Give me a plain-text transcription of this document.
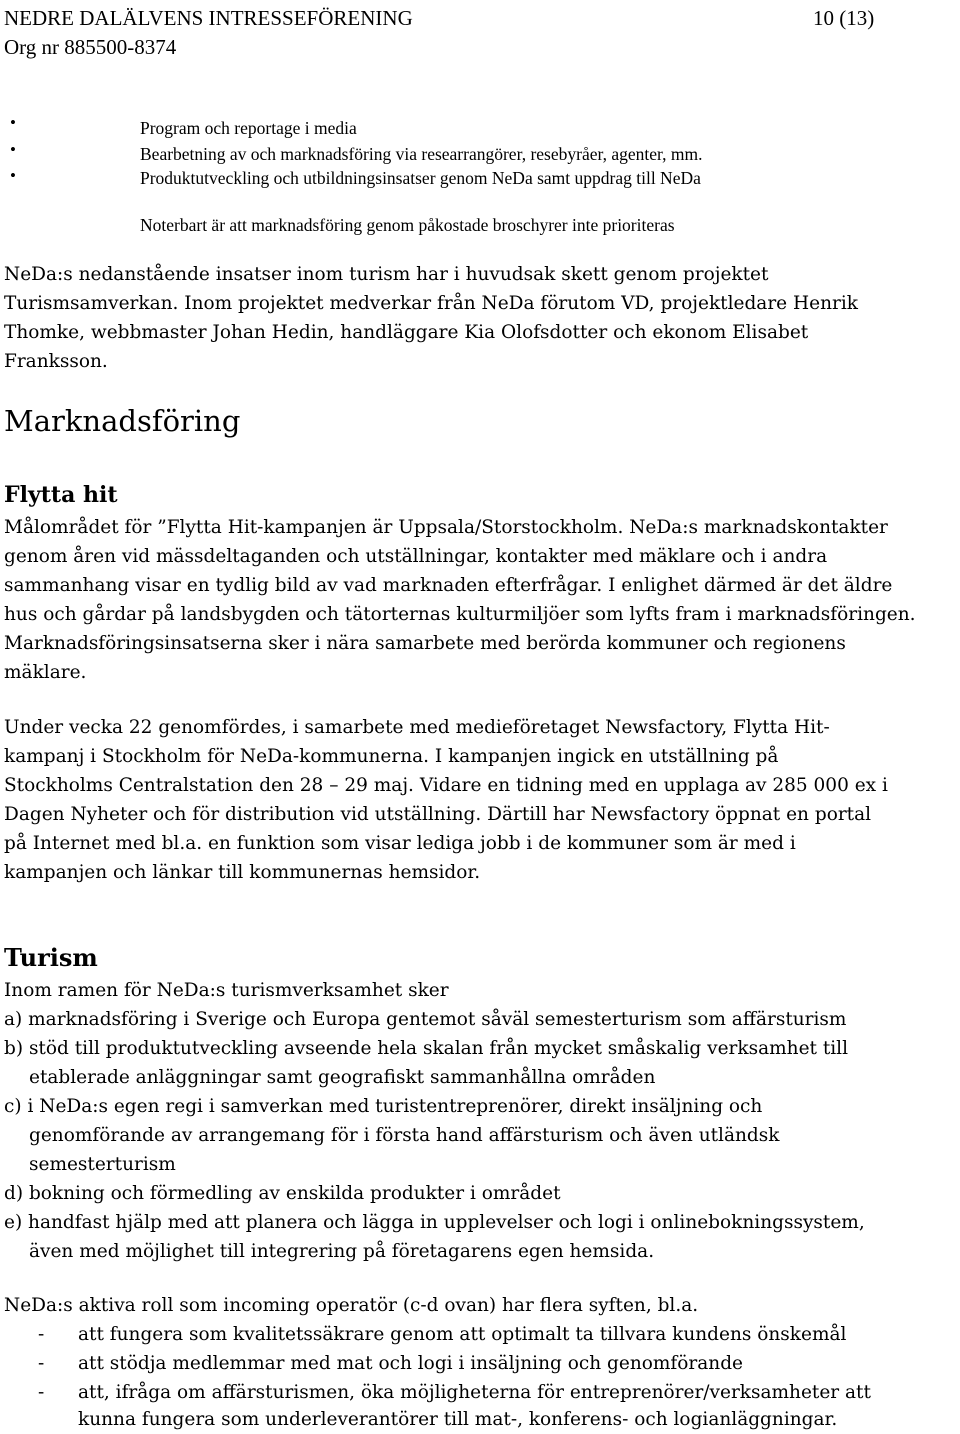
NEDRE DALÄLVENS INTRESSEFÖRENING	10 (13)
Org nr 885500-8374
•	Program och reportage i media
•	Bearbetning av och marknadsföring via researrangörer, resebyråer, agenter, mm.
•	Produktutveckling och utbildningsinsatser genom NeDa samt uppdrag till NeDa
Noterbart är att marknadsföring genom påkostade broschyrer inte prioriteras
NeDa:s nedanstående insatser inom turism har i huvudsak skett genom projektet
Turismsamverkan. Inom projektet medverkar från NeDa förutom VD, projektledare Henrik
Thomke, webbmaster Johan Hedin, handläggare Kia Olofsdotter och ekonom Elisabet
Franksson.
Marknadsföring
Flytta hit
Målområdet för ”Flytta Hit-kampanjen är Uppsala/Storstockholm. NeDa:s marknadskontakter
genom åren vid mässdeltaganden och utställningar, kontakter med mäklare och i andra
sammanhang visar en tydlig bild av vad marknaden efterfrågar. I enlighet därmed är det äldre
hus och gårdar på landsbygden och tätorternas kulturmiljöer som lyfts fram i marknadsföringen.
Marknadsföringsinsatserna sker i nära samarbete med berörda kommuner och regionens
mäklare.
Under vecka 22 genomfördes, i samarbete med medieföretaget Newsfactory, Flytta Hit-
kampanj i Stockholm för NeDa-kommunerna. I kampanjen ingick en utställning på
Stockholms Centralstation den 28 – 29 maj. Vidare en tidning med en upplaga av 285 000 ex i
Dagen Nyheter och för distribution vid utställning. Därtill har Newsfactory öppnat en portal
på Internet med bl.a. en funktion som visar lediga jobb i de kommuner som är med i
kampanjen och länkar till kommunernas hemsidor.
Turism
Inom ramen för NeDa:s turismverksamhet sker
a) marknadsföring i Sverige och Europa gentemot såväl semesterturism som affärsturism
b) stöd till produktutveckling avseende hela skalan från mycket småskalig verksamhet till
etablerade anläggningar samt geografiskt sammanhållna områden
c) i NeDa:s egen regi i samverkan med turistentreprenörer, direkt insäljning och
genomförande av arrangemang för i första hand affärsturism och även utländsk
semesterturism
d) bokning och förmedling av enskilda produkter i området
e) handfast hjälp med att planera och lägga in upplevelser och logi i onlinebokningssystem,
även med möjlighet till integrering på företagarens egen hemsida.
NeDa:s aktiva roll som incoming operatör (c-d ovan) har flera syften, bl.a.
- att fungera som kvalitetssäkrare genom att optimalt ta tillvara kundens önskemål
- att stödja medlemmar med mat och logi i insäljning och genomförande
- att, ifråga om affärsturismen, öka möjligheterna för entreprenörer/verksamheter att
kunna fungera som underleverantörer till mat-, konferens- och logianläggningar.
